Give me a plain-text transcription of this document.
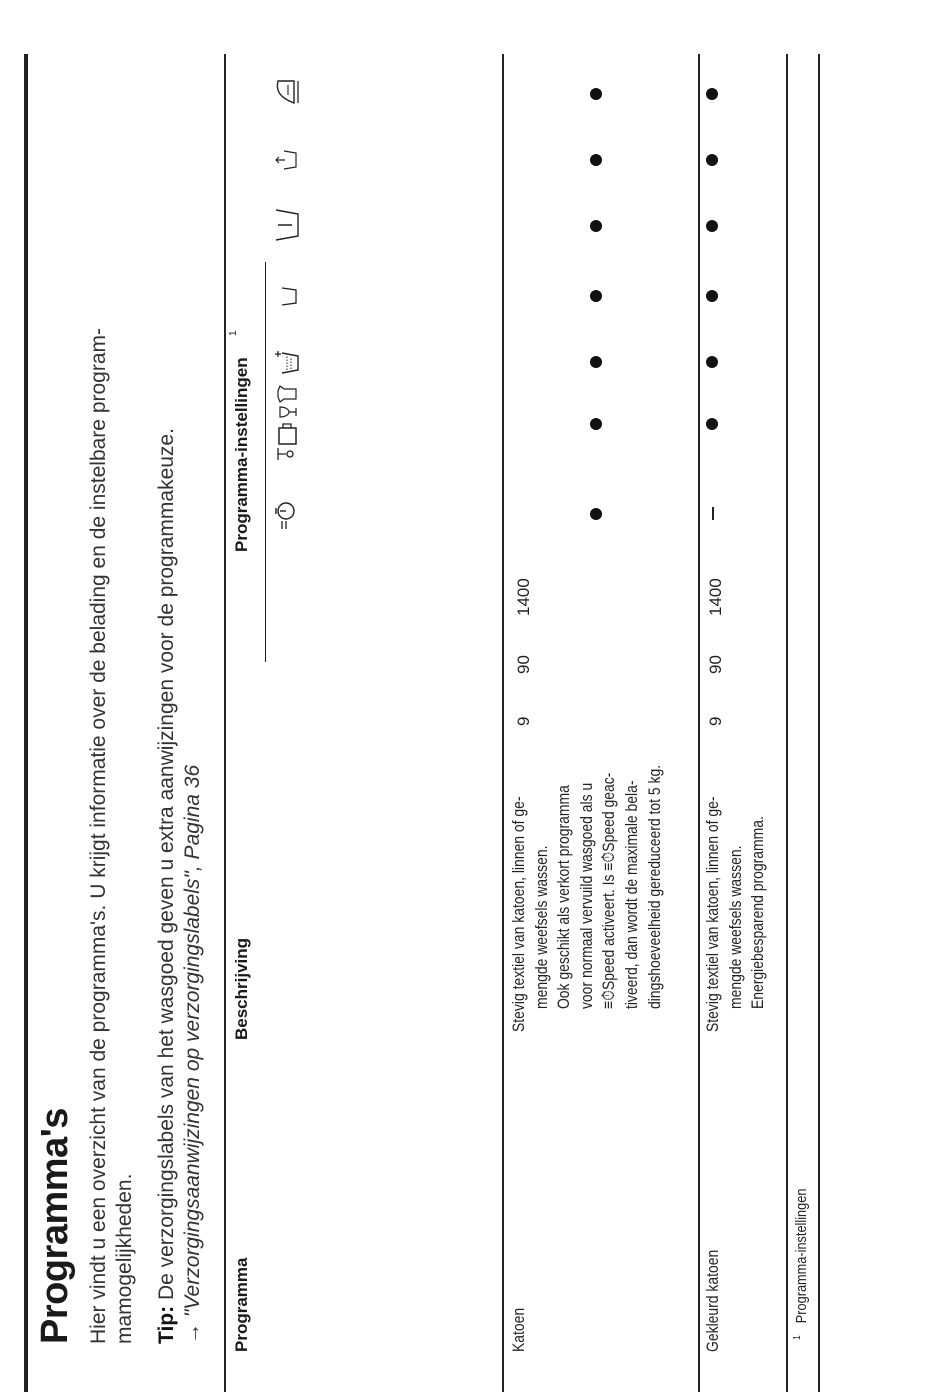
Programma's Hier vindt u een overzicht van de programma's. U krijgt informatie over de belading en de instelbare program- mamogelijkheden. Tip: De verzorgingslabels van het wasgoed geven u extra aanwijzingen voor de programmakeuze.
→ "Verzorgingsaanwijzingen op verzorgingslabels", Pagina 36 Programma
Beschrijving
Programma-instellingen
1
Katoen
Stevig textiel van katoen, linnen of ge- mengde weefsels wassen. Ook geschikt als verkort programma voor normaal vervuild wasgoed als u ≡⏱Speed activeert. Is ≡⏱Speed geac- tiveerd, dan wordt de maximale bela- dingshoeveelheid gereduceerd tot 5 kg.
9
90
1400
Gekleurd katoen
Stevig textiel van katoen, linnen of ge- mengde weefsels wassen. Energiebesparend programma.
9
90
1400
$^1$ Programma-instellingen
